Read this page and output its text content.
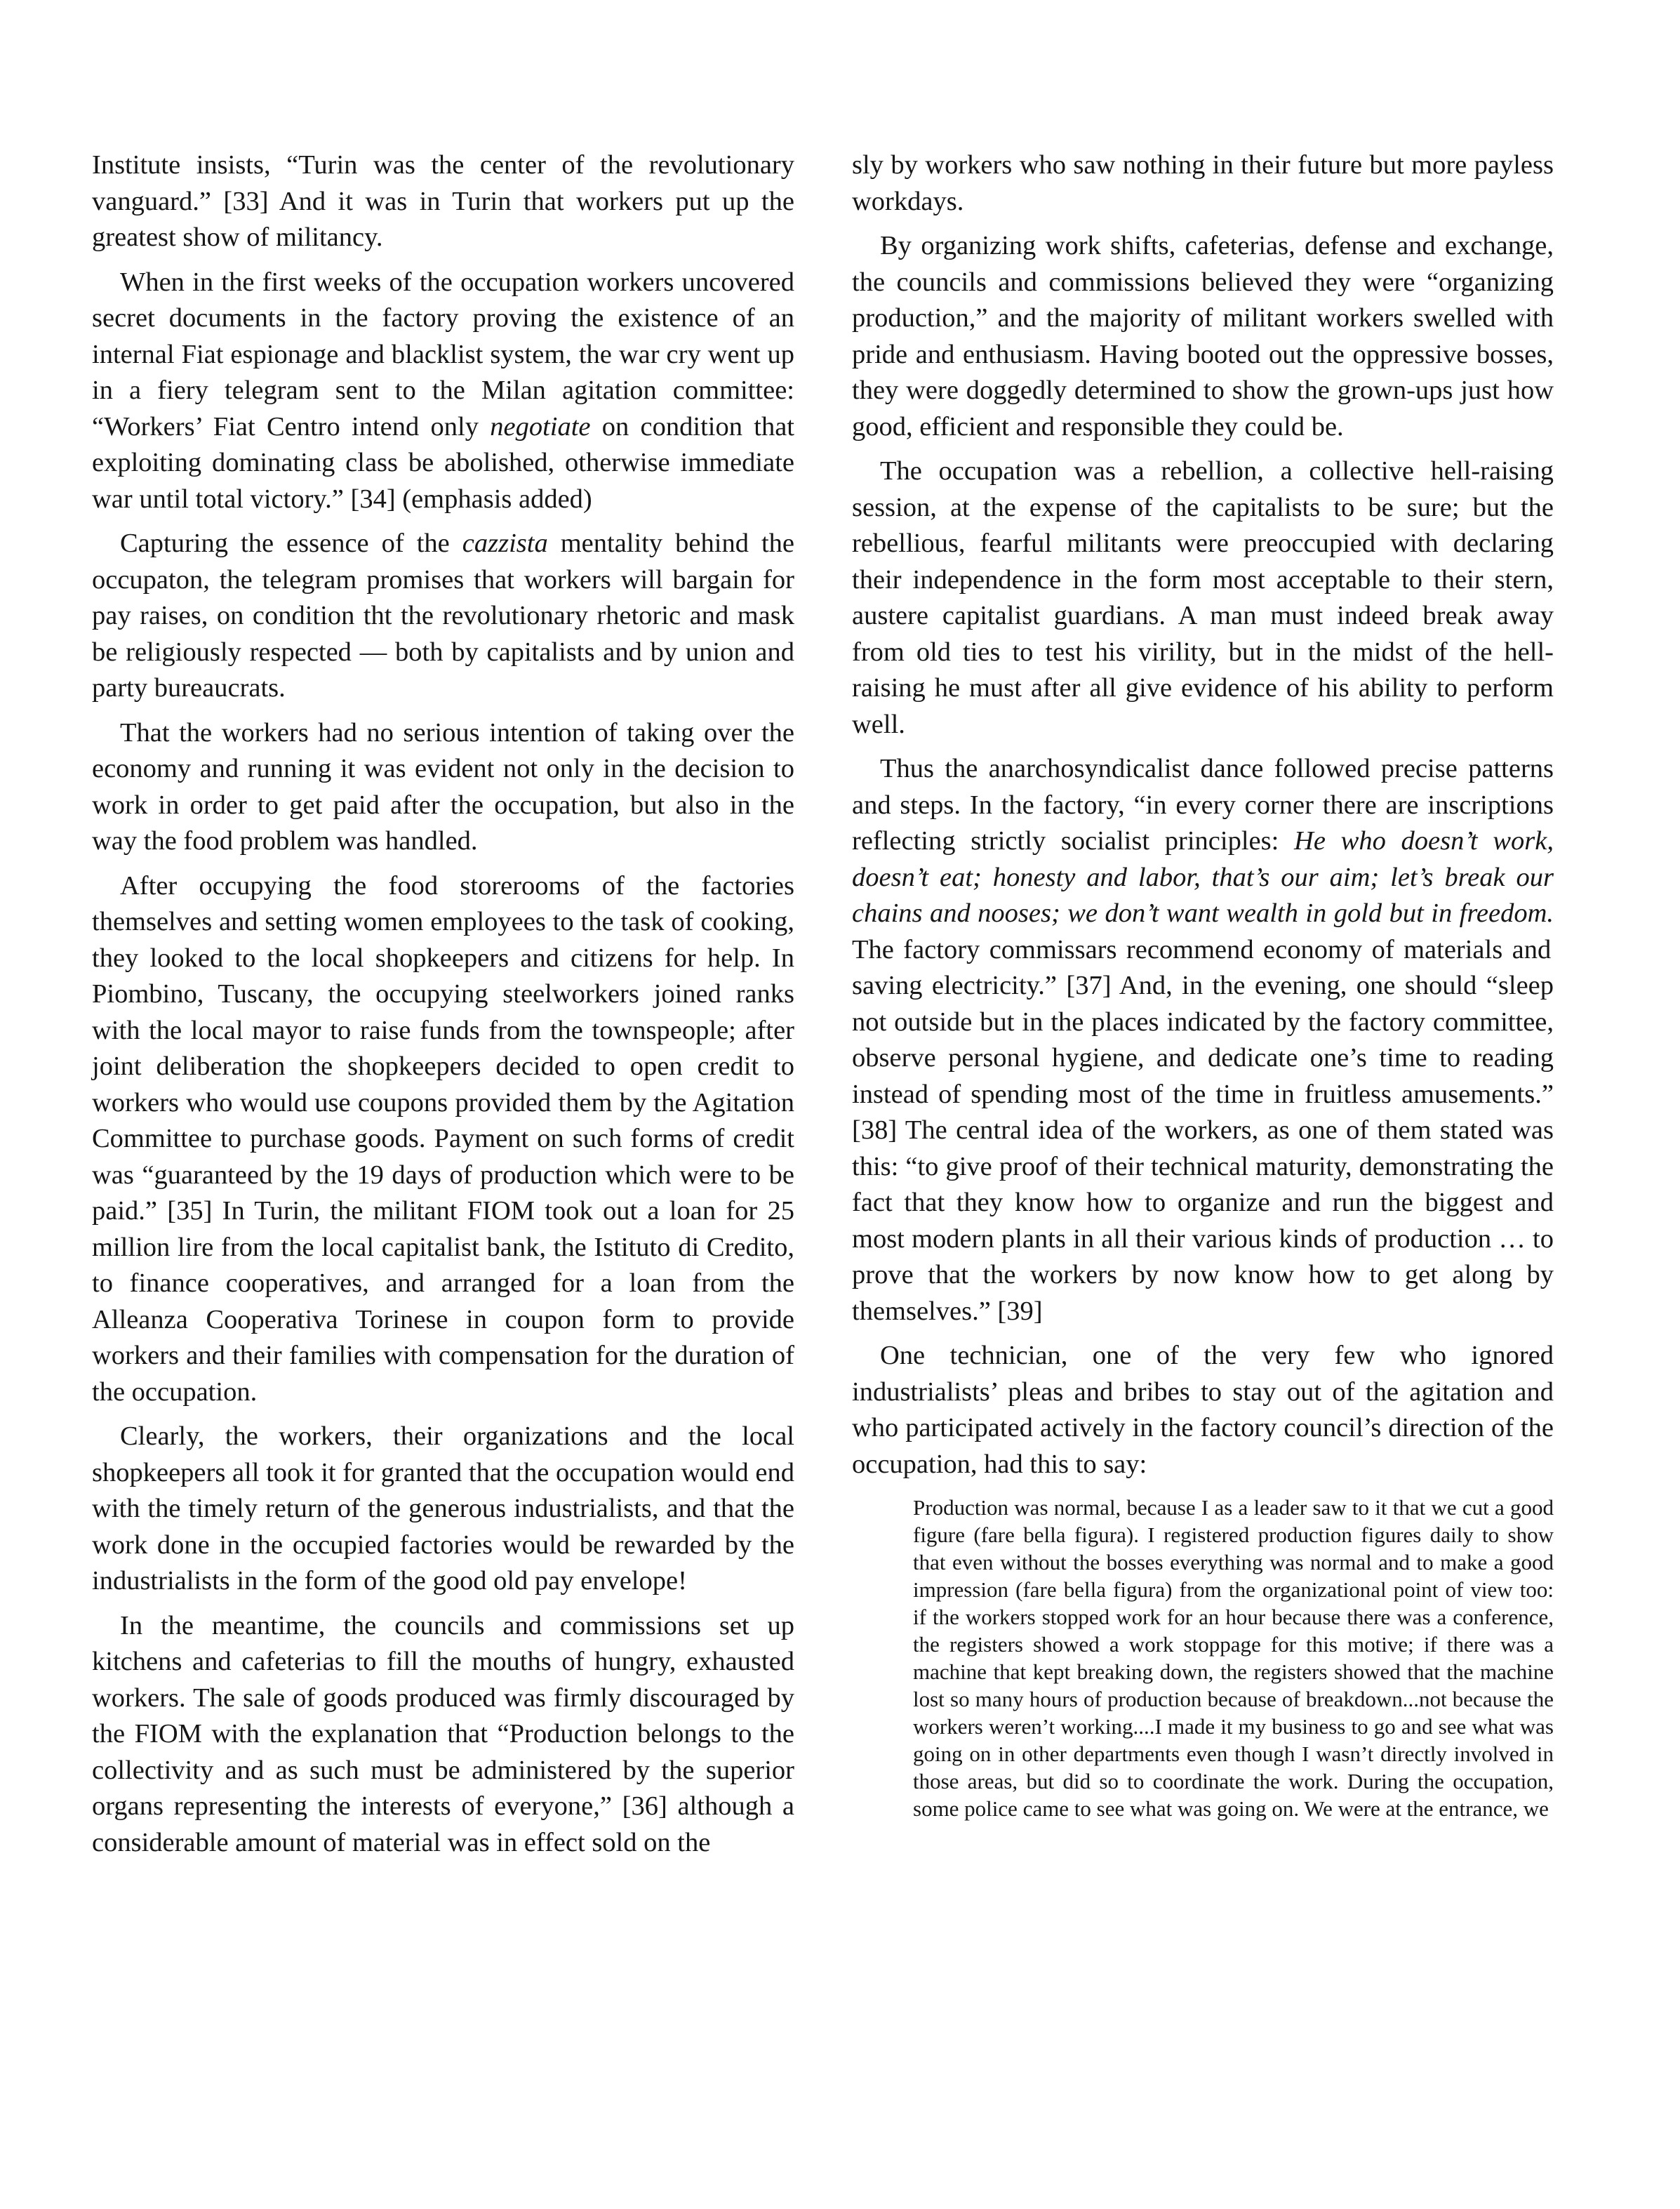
Institute insists, “Turin was the center of the revolutionary vanguard.” [33] And it was in Turin that workers put up the greatest show of militancy.

When in the first weeks of the occupation workers uncovered secret documents in the factory proving the existence of an internal Fiat espionage and blacklist system, the war cry went up in a fiery telegram sent to the Milan agitation committee: “Workers’ Fiat Centro intend only negotiate on condition that exploiting dominating class be abolished, otherwise immediate war until total victory.” [34] (emphasis added)

Capturing the essence of the cazzista mentality behind the occupaton, the telegram promises that workers will bargain for pay raises, on condition tht the revolutionary rhetoric and mask be religiously respected — both by capitalists and by union and party bureaucrats.

That the workers had no serious intention of taking over the economy and running it was evident not only in the decision to work in order to get paid after the occupation, but also in the way the food problem was handled.

After occupying the food storerooms of the factories themselves and setting women employees to the task of cooking, they looked to the local shopkeepers and citizens for help. In Piombino, Tuscany, the occupying steelworkers joined ranks with the local mayor to raise funds from the townspeople; after joint deliberation the shopkeepers decided to open credit to workers who would use coupons provided them by the Agitation Committee to purchase goods. Payment on such forms of credit was “guaranteed by the 19 days of production which were to be paid.” [35] In Turin, the militant FIOM took out a loan for 25 million lire from the local capitalist bank, the Istituto di Credito, to finance cooperatives, and arranged for a loan from the Alleanza Cooperativa Torinese in coupon form to provide workers and their families with compensation for the duration of the occupation.

Clearly, the workers, their organizations and the local shopkeepers all took it for granted that the occupation would end with the timely return of the generous industrialists, and that the work done in the occupied factories would be rewarded by the industrialists in the form of the good old pay envelope!

In the meantime, the councils and commissions set up kitchens and cafeterias to fill the mouths of hungry, exhausted workers. The sale of goods produced was firmly discouraged by the FIOM with the explanation that “Production belongs to the collectivity and as such must be administered by the superior organs representing the interests of everyone,” [36] although a considerable amount of material was in effect sold on the

sly by workers who saw nothing in their future but more payless workdays.

By organizing work shifts, cafeterias, defense and exchange, the councils and commissions believed they were “organizing production,” and the majority of militant workers swelled with pride and enthusiasm. Having booted out the oppressive bosses, they were doggedly determined to show the grown-ups just how good, efficient and responsible they could be.

The occupation was a rebellion, a collective hell-raising session, at the expense of the capitalists to be sure; but the rebellious, fearful militants were preoccupied with declaring their independence in the form most acceptable to their stern, austere capitalist guardians. A man must indeed break away from old ties to test his virility, but in the midst of the hell-raising he must after all give evidence of his ability to perform well.

Thus the anarchosyndicalist dance followed precise patterns and steps. In the factory, “in every corner there are inscriptions reflecting strictly socialist principles: He who doesn’t work, doesn’t eat; honesty and labor, that’s our aim; let’s break our chains and nooses; we don’t want wealth in gold but in freedom. The factory commissars recommend economy of materials and saving electricity.” [37] And, in the evening, one should “sleep not outside but in the places indicated by the factory committee, observe personal hygiene, and dedicate one’s time to reading instead of spending most of the time in fruitless amusements.” [38] The central idea of the workers, as one of them stated was this: “to give proof of their technical maturity, demonstrating the fact that they know how to organize and run the biggest and most modern plants in all their various kinds of production … to prove that the workers by now know how to get along by themselves.” [39]

One technician, one of the very few who ignored industrialists’ pleas and bribes to stay out of the agitation and who participated actively in the factory council’s direction of the occupation, had this to say:

Production was normal, because I as a leader saw to it that we cut a good figure (fare bella figura). I registered production figures daily to show that even without the bosses everything was normal and to make a good impression (fare bella figura) from the organizational point of view too: if the workers stopped work for an hour because there was a conference, the registers showed a work stoppage for this motive; if there was a machine that kept breaking down, the registers showed that the machine lost so many hours of production because of breakdown...not because the workers weren’t working....I made it my business to go and see what was going on in other departments even though I wasn’t directly involved in those areas, but did so to coordinate the work. During the occupation, some police came to see what was going on. We were at the entrance, we
